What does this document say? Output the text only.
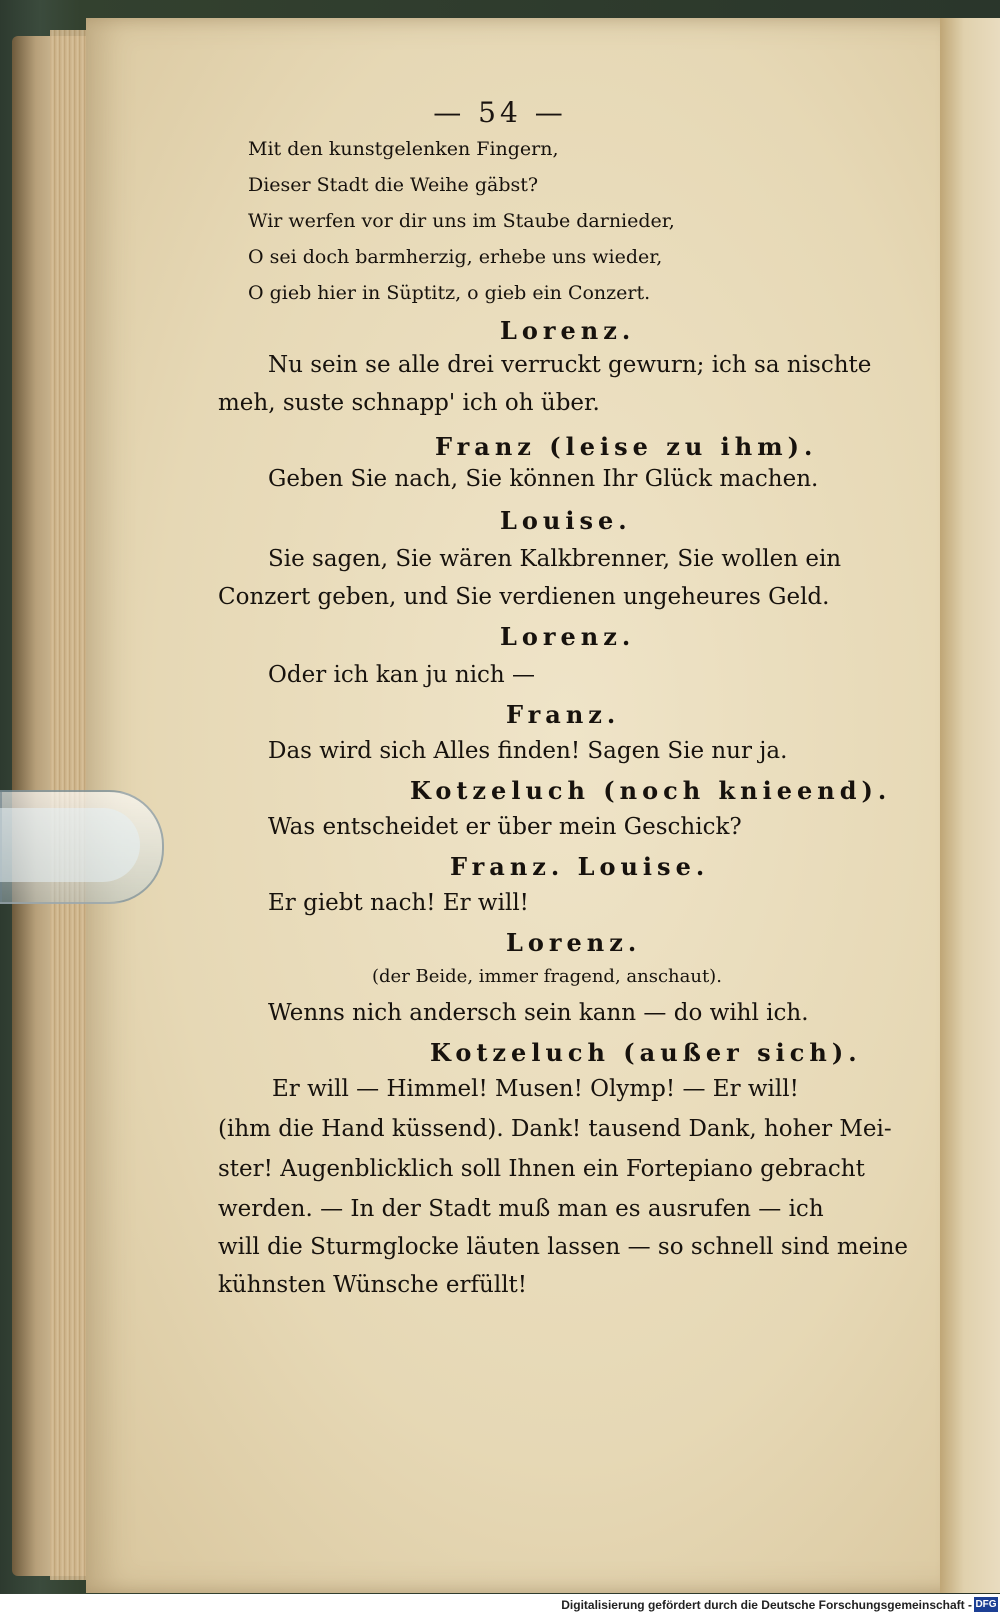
— 54 —
Mit den kunstgelenken Fingern,
Dieser Stadt die Weihe gäbst?
Wir werfen vor dir uns im Staube darnieder,
O sei doch barmherzig, erhebe uns wieder,
O gieb hier in Süptitz, o gieb ein Conzert.
Lorenz.
Nu sein se alle drei verruckt gewurn; ich sa nischte
meh, suste schnapp' ich oh über.
Franz (leise zu ihm).
Geben Sie nach, Sie können Ihr Glück machen.
Louise.
Sie sagen, Sie wären Kalkbrenner, Sie wollen ein
Conzert geben, und Sie verdienen ungeheures Geld.
Lorenz.
Oder ich kan ju nich —
Franz.
Das wird sich Alles finden! Sagen Sie nur ja.
Kotzeluch (noch knieend).
Was entscheidet er über mein Geschick?
Franz. Louise.
Er giebt nach! Er will!
Lorenz.
(der Beide, immer fragend, anschaut).
Wenns nich andersch sein kann — do wihl ich.
Kotzeluch (außer sich).
Er will — Himmel! Musen! Olymp! — Er will!
(ihm die Hand küssend). Dank! tausend Dank, hoher Mei-
ster! Augenblicklich soll Ihnen ein Fortepiano gebracht
werden. — In der Stadt muß man es ausrufen — ich
will die Sturmglocke läuten lassen — so schnell sind meine
kühnsten Wünsche erfüllt!
Digitalisierung gefördert durch die Deutsche Forschungsgemeinschaft - DFG
